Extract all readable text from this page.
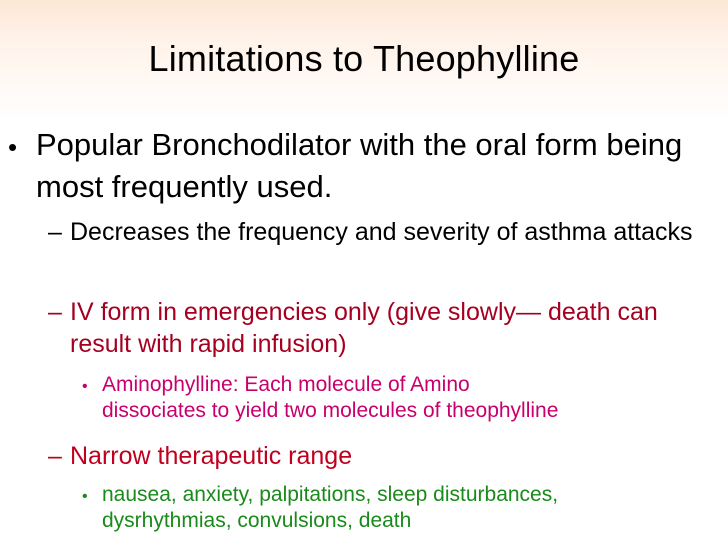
Limitations to Theophylline
• Popular Bronchodilator with the oral form being most frequently used.
– Decreases the frequency and severity of asthma attacks
– IV form in emergencies only (give slowly— death can result with rapid infusion)
• Aminophylline: Each molecule of Amino
dissociates to yield two molecules of theophylline
– Narrow therapeutic range
• nausea, anxiety, palpitations, sleep disturbances,
dysrhythmias, convulsions, death
